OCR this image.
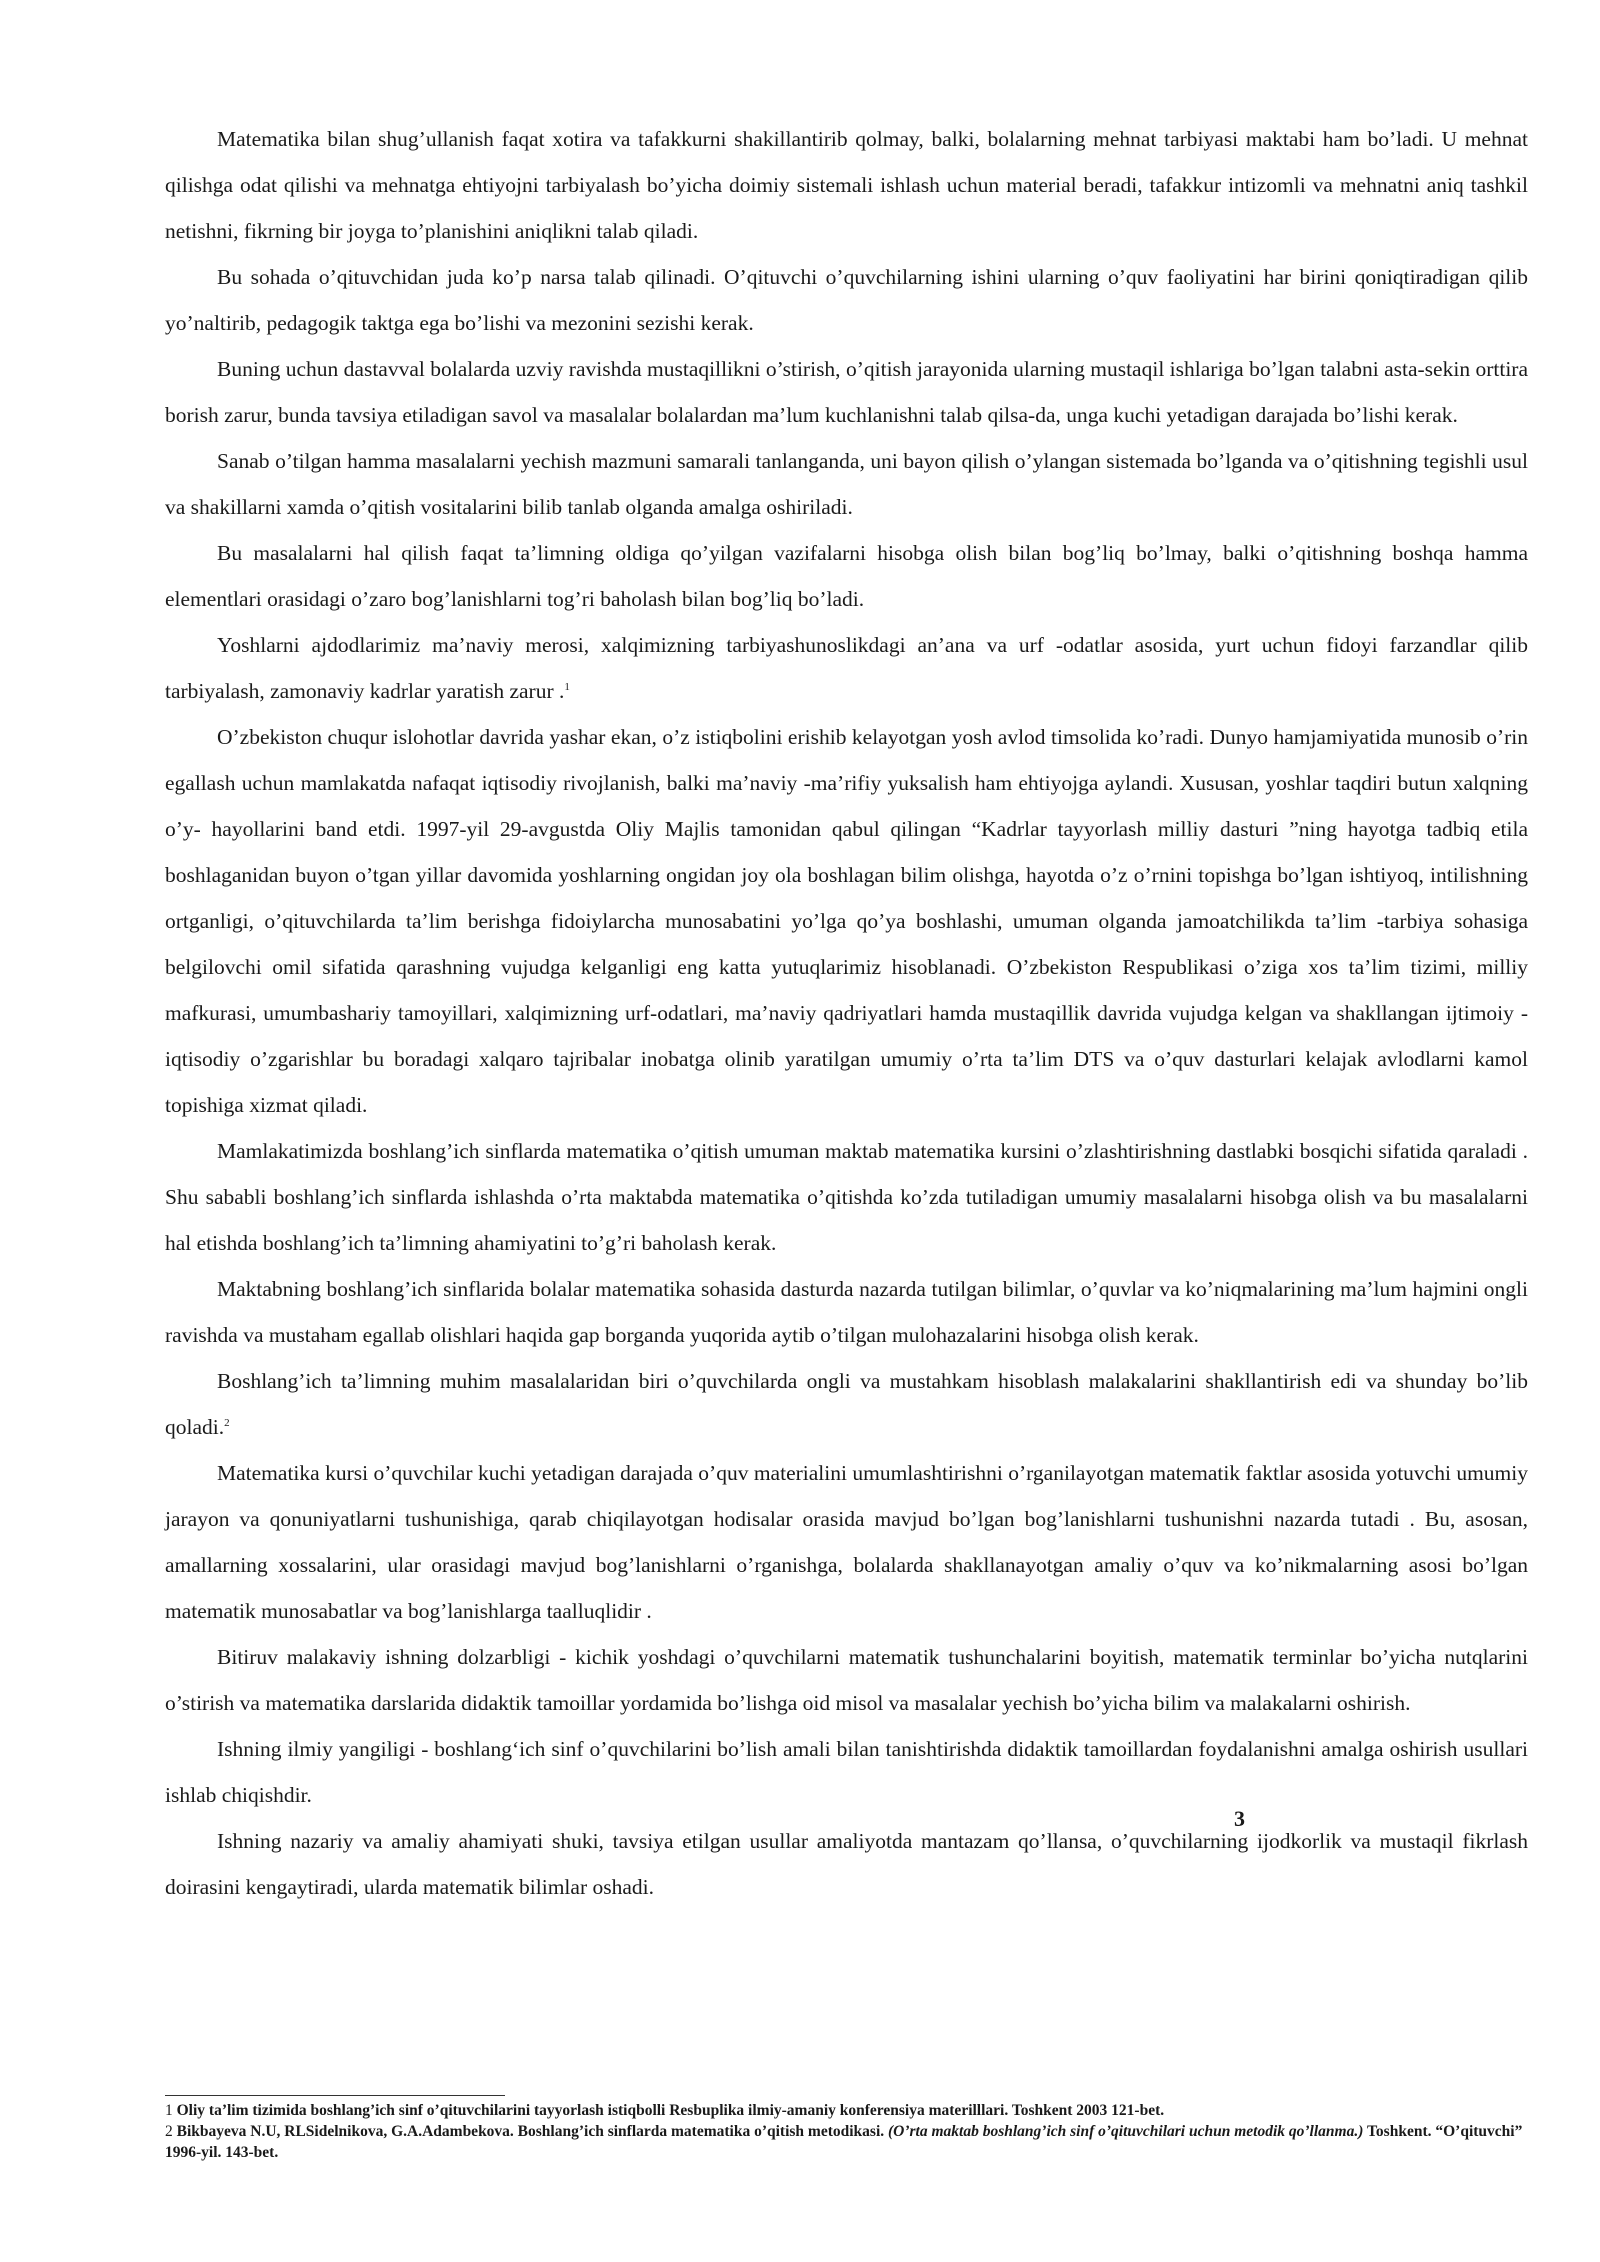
Matematika bilan shug’ullanish faqat xotira va tafakkurni shakillantirib qolmay, balki, bolalarning mehnat tarbiyasi maktabi ham bo’ladi. U mehnat qilishga odat qilishi va mehnatga ehtiyojni tarbiyalash bo’yicha doimiy sistemali ishlash uchun material beradi, tafakkur intizomli va mehnatni aniq tashkil netishni, fikrning bir joyga to’planishini aniqlikni talab qiladi.

Bu sohada o’qituvchidan juda ko’p narsa talab qilinadi. O’qituvchi o’quvchilarning ishini ularning o’quv faoliyatini har birini qoniqtiradigan qilib yo’naltirib, pedagogik taktga ega bo’lishi va mezonini sezishi kerak.

Buning uchun dastavval bolalarda uzviy ravishda mustaqillikni o’stirish, o’qitish jarayonida ularning mustaqil ishlariga bo’lgan talabni asta-sekin orttira borish zarur, bunda tavsiya etiladigan savol va masalalar bolalardan ma’lum kuchlanishni talab qilsa-da, unga kuchi yetadigan darajada bo’lishi kerak.

Sanab o’tilgan hamma masalalarni yechish mazmuni samarali tanlanganda, uni bayon qilish o’ylangan sistemada bo’lganda va o’qitishning tegishli usul va shakillarni xamda o’qitish vositalarini bilib tanlab olganda amalga oshiriladi.

Bu masalalarni hal qilish faqat ta’limning oldiga qo’yilgan vazifalarni hisobga olish bilan bog’liq bo’lmay, balki o’qitishning boshqa hamma elementlari orasidagi o’zaro bog’lanishlarni tog’ri baholash bilan bog’liq bo’ladi.

Yoshlarni ajdodlarimiz ma’naviy merosi, xalqimizning tarbiyashunoslikdagi an’ana va urf -odatlar asosida, yurt uchun fidoyi farzandlar qilib tarbiyalash, zamonaviy kadrlar yaratish zarur .$^1$

O’zbekiston chuqur islohotlar davrida yashar ekan, o’z istiqbolini erishib kelayotgan yosh avlod timsolida ko’radi. Dunyo hamjamiyatida munosib o’rin egallash uchun mamlakatda nafaqat iqtisodiy rivojlanish, balki ma’naviy -ma’rifiy yuksalish ham ehtiyojga aylandi. Xususan, yoshlar taqdiri butun xalqning o’y- hayollarini band etdi. 1997-yil 29-avgustda Oliy Majlis tamonidan qabul qilingan “Kadrlar tayyorlash milliy dasturi ”ning hayotga tadbiq etila boshlaganidan buyon o’tgan yillar davomida yoshlarning ongidan joy ola boshlagan bilim olishga, hayotda o’z o’rnini topishga bo’lgan ishtiyoq, intilishning ortganligi, o’qituvchilarda ta’lim berishga fidoiylarcha munosabatini yo’lga qo’ya boshlashi, umuman olganda jamoatchilikda ta’lim -tarbiya sohasiga belgilovchi omil sifatida qarashning vujudga kelganligi eng katta yutuqlarimiz hisoblanadi. O’zbekiston Respublikasi o’ziga xos ta’lim tizimi, milliy mafkurasi, umumbashariy tamoyillari, xalqimizning urf-odatlari, ma’naviy qadriyatlari hamda mustaqillik davrida vujudga kelgan va shakllangan ijtimoiy -iqtisodiy o’zgarishlar bu boradagi xalqaro tajribalar inobatga olinib yaratilgan umumiy o’rta ta’lim DTS va o’quv dasturlari kelajak avlodlarni kamol topishiga xizmat qiladi.

Mamlakatimizda boshlang’ich sinflarda matematika o’qitish umuman maktab matematika kursini o’zlashtirishning dastlabki bosqichi sifatida qaraladi . Shu sababli boshlang’ich sinflarda ishlashda o’rta maktabda matematika o’qitishda ko’zda tutiladigan umumiy masalalarni hisobga olish va bu masalalarni hal etishda boshlang’ich ta’limning ahamiyatini to’g’ri baholash kerak.

Maktabning boshlang’ich sinflarida bolalar matematika sohasida dasturda nazarda tutilgan bilimlar, o’quvlar va ko’niqmalarining ma’lum hajmini ongli ravishda va mustaham egallab olishlari haqida gap borganda yuqorida aytib o’tilgan mulohazalarini hisobga olish kerak.

Boshlang’ich ta’limning muhim masalalaridan biri o’quvchilarda ongli va mustahkam hisoblash malakalarini shakllantirish edi va shunday bo’lib qoladi.$^2$

Matematika kursi o’quvchilar kuchi yetadigan darajada o’quv materialini umumlashtirishni o’rganilayotgan matematik faktlar asosida yotuvchi umumiy jarayon va qonuniyatlarni tushunishiga, qarab chiqilayotgan hodisalar orasida mavjud bo’lgan bog’lanishlarni tushunishni nazarda tutadi . Bu, asosan, amallarning xossalarini, ular orasidagi mavjud bog’lanishlarni o’rganishga, bolalarda shakllanayotgan amaliy o’quv va ko’nikmalarning asosi bo’lgan matematik munosabatlar va bog’lanishlarga taalluqlidir .

Bitiruv malakaviy ishning dolzarbligi - kichik yoshdagi o’quvchilarni matematik tushunchalarini boyitish, matematik terminlar bo’yicha nutqlarini o’stirish va matematika darslarida didaktik tamoillar yordamida bo’lishga oid misol va masalalar yechish bo’yicha bilim va malakalarni oshirish.

Ishning ilmiy yangiligi - boshlang‘ich sinf o’quvchilarini bo’lish amali bilan tanishtirishda didaktik tamoillardan foydalanishni amalga oshirish usullari ishlab chiqishdir.

Ishning nazariy va amaliy ahamiyati shuki, tavsiya etilgan usullar amaliyotda mantazam qo’llansa, o’quvchilarning ijodkorlik va mustaqil fikrlash doirasini kengaytiradi, ularda matematik bilimlar oshadi.

3
1 Oliy ta’lim tizimida boshlang’ich sinf o’qituvchilarini tayyorlash istiqbolli Resbuplika ilmiy-amaniy konferensiya materilllari. Toshkent 2003 121-bet.
2 Bikbayeva N.U, RLSidelnikova, G.A.Adambekova. Boshlang’ich sinflarda matematika o’qitish metodikasi. (O’rta maktab boshlang’ich sinf o’qituvchilari uchun metodik qo’llanma.) Toshkent. “O’qituvchi” 1996-yil. 143-bet.
